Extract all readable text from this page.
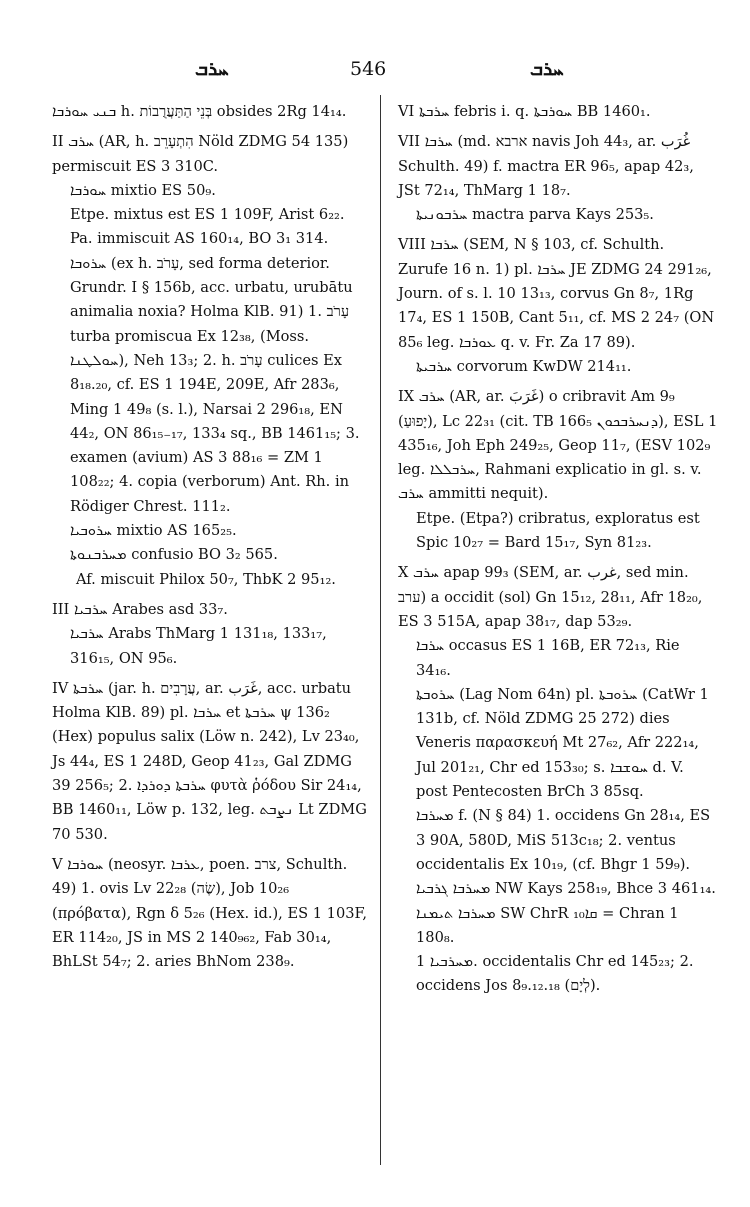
ܚܪܒ	546	ܚܪܒ

ܒܢܝ ܚܘܪܒܐ h. בְּנֵי הַתַּעֲרֻבוֹת obsides 2Rg 14₁₄.

II ܚܪܒ (AR, h. הִתְעָרֵב Nöld ZDMG 54 135) permiscuit ES 3 310C.

ܚܘܪܒܐ mixtio ES 50₉.

Etpe. mixtus est ES 1 109F, Arist 6₂₂.

Pa. immiscuit AS 160₁₄, BO 3₁ 314.

ܚܪܘܒܐ (ex h. עָרֹב, sed forma deterior. Grundr. I § 156b, acc. urbatu, urubātu animalia noxia? Holma KlB. 91) 1. עָרֹב turba promiscua Ex 12₃₈, (Moss. ܚܘܠܛܢܐ), Neh 13₃; 2. h. עָרֹב culices Ex 8₁₈.₂₀, cf. ES 1 194E, 209E, Afr 283₆, Ming 1 49₈ (s. l.), Narsai 2 296₁₈, EN 44₂, ON 86₁₅₋₁₇, 133₄ sq., BB 1461₁₅; 3. examen (avium) AS 3 88₁₆ = ZM 1 108₂₂; 4. copia (verborum) Ant. Rh. in Rödiger Chrest. 111₂.

ܚܪܘܒܝܐ mixtio AS 165₂₅.

ܡܚܪܒܢܘܬܐ confusio BO 3₂ 565.

Af. miscuit Philox 50₇, ThbK 2 95₁₂.

III ܚܪܒܝܐ Arabes asd 33₇.

ܚܪܒܝܐ Arabs ThMarg 1 131₁₈, 133₁₇, 316₁₅, ON 95₆.

IV ܚܪܒܬܐ (jar. h. עֲרָבִים, ar. غَرَب, acc. urbatu Holma KlB. 89) pl. ܚܪܒܐ et ܚܪܒܬܐ ψ 136₂ (Hex) populus salix (Löw n. 242), Lv 23₄₀, Js 44₄, ES 1 248D, Geop 41₂₃, Gal ZDMG 39 256₅; 2. ܚܪܒܬܐ ܕܘܪܕܐ φυτὰ ῥόδου Sir 24₁₄, BB 1460₁₁, Löw p. 132, leg. ܢܨܒܬ Lt ZDMG 70 530.

V ܚܘܪܒܐ (neosyr. ܥܪܒܐ, poen. צרב, Schulth. 49) 1. ovis Lv 22₂₈ (שֶׂה), Job 10₂₆ (πρόβατα), Rgn δ 5₂₆ (Hex. id.), ES 1 103F, ER 114₂₀, JS in MS 2 140₉₆₂, Fab 30₁₄, BhLSt 54₇; 2. aries BhNom 238₉.

VI ܚܪܒܬܐ febris i. q. ܚܘܪܒܬܐ BB 1460₁.

VII ܚܪܒܐ (md. ארבא navis Joh 44₃, ar. غُرَب Schulth. 49) f. mactra ER 96₅, apap 42₃, JSt 72₁₄, ThMarg 1 18₇.

ܚܪܒܘܢܝܬܐ mactra parva Kays 253₅.

VIII ܚܪܒܐ (SEM, N § 103, cf. Schulth. Zurufe 16 n. 1) pl. ܚܪܒܐ JE ZDMG 24 291₂₆, Journ. of s. l. 10 13₁₃, corvus Gn 8₇, 1Rg 17₄, ES 1 150B, Cant 5₁₁, cf. MS 2 24₇ (ON 85₆ leg. ܥܘܪܒܐ q. v. Fr. Za 17 89).

ܚܪܒܝܬܐ corvorum KwDW 214₁₁.

IX ܚܪܒ (AR, ar. غَرَبَ) o cribravit Am 9₉ (יָפוּעַ), Lc 22₃₁ (cit. TB 166₅ ܕܢܚܪܒܟܘܢ), ESL 1 435₁₆, Joh Eph 249₂₅, Geop 11₇, (ESV 102₉ leg. ܚܪܒܠܠܐ, Rahmani explicatio in gl. s. v. ܚܪܒ ammitti nequit).

Etpe. (Etpa?) cribratus, exploratus est Spic 10₂₇ = Bard 15₁₇, Syn 81₂₃.

X ܚܪܒ apap 99₃ (SEM, ar. غرب, sed min. ערב) a occidit (sol) Gn 15₁₂, 28₁₁, Afr 18₂₀, ES 3 515A, apap 38₁₇, dap 53₂₉.

ܚܪܒܐ occasus ES 1 16B, ER 72₁₃, Rie 34₁₆.

ܚܪܘܒܬܐ (Lag Nom 64n) pl. ܚܪܘܒܬܐ (CatWr 1 131b, cf. Nöld ZDMG 25 272) dies Veneris παρασκευή Mt 27₆₂, Afr 222₁₄, Jul 201₂₁, Chr ed 153₃₀; s. ܚܘܫܒܐ d. V. post Pentecosten BrCh 3 85sq.

ܡܚܪܒܐ f. (N § 84) 1. occidens Gn 28₁₄, ES 3 90A, 580D, MiS 513c₁₈; 2. ventus occidentalis Ex 10₁₉, (cf. Bhgr 1 59₉).

ܡܚܪܒܐ ܓܪܒܝܐ NW Kays 258₁₉, Bhce 3 461₁₄.

ܡܚܪܒܐ ܬܝܡܢܐ SW ChrR ܩܐ₁₀ = Chran 1 180₈.

ܡܚܪܒܝܐ 1. occidentalis Chr ed 145₂₃; 2. occidens Jos 8₉.₁₂.₁₈ (לְיָם).
